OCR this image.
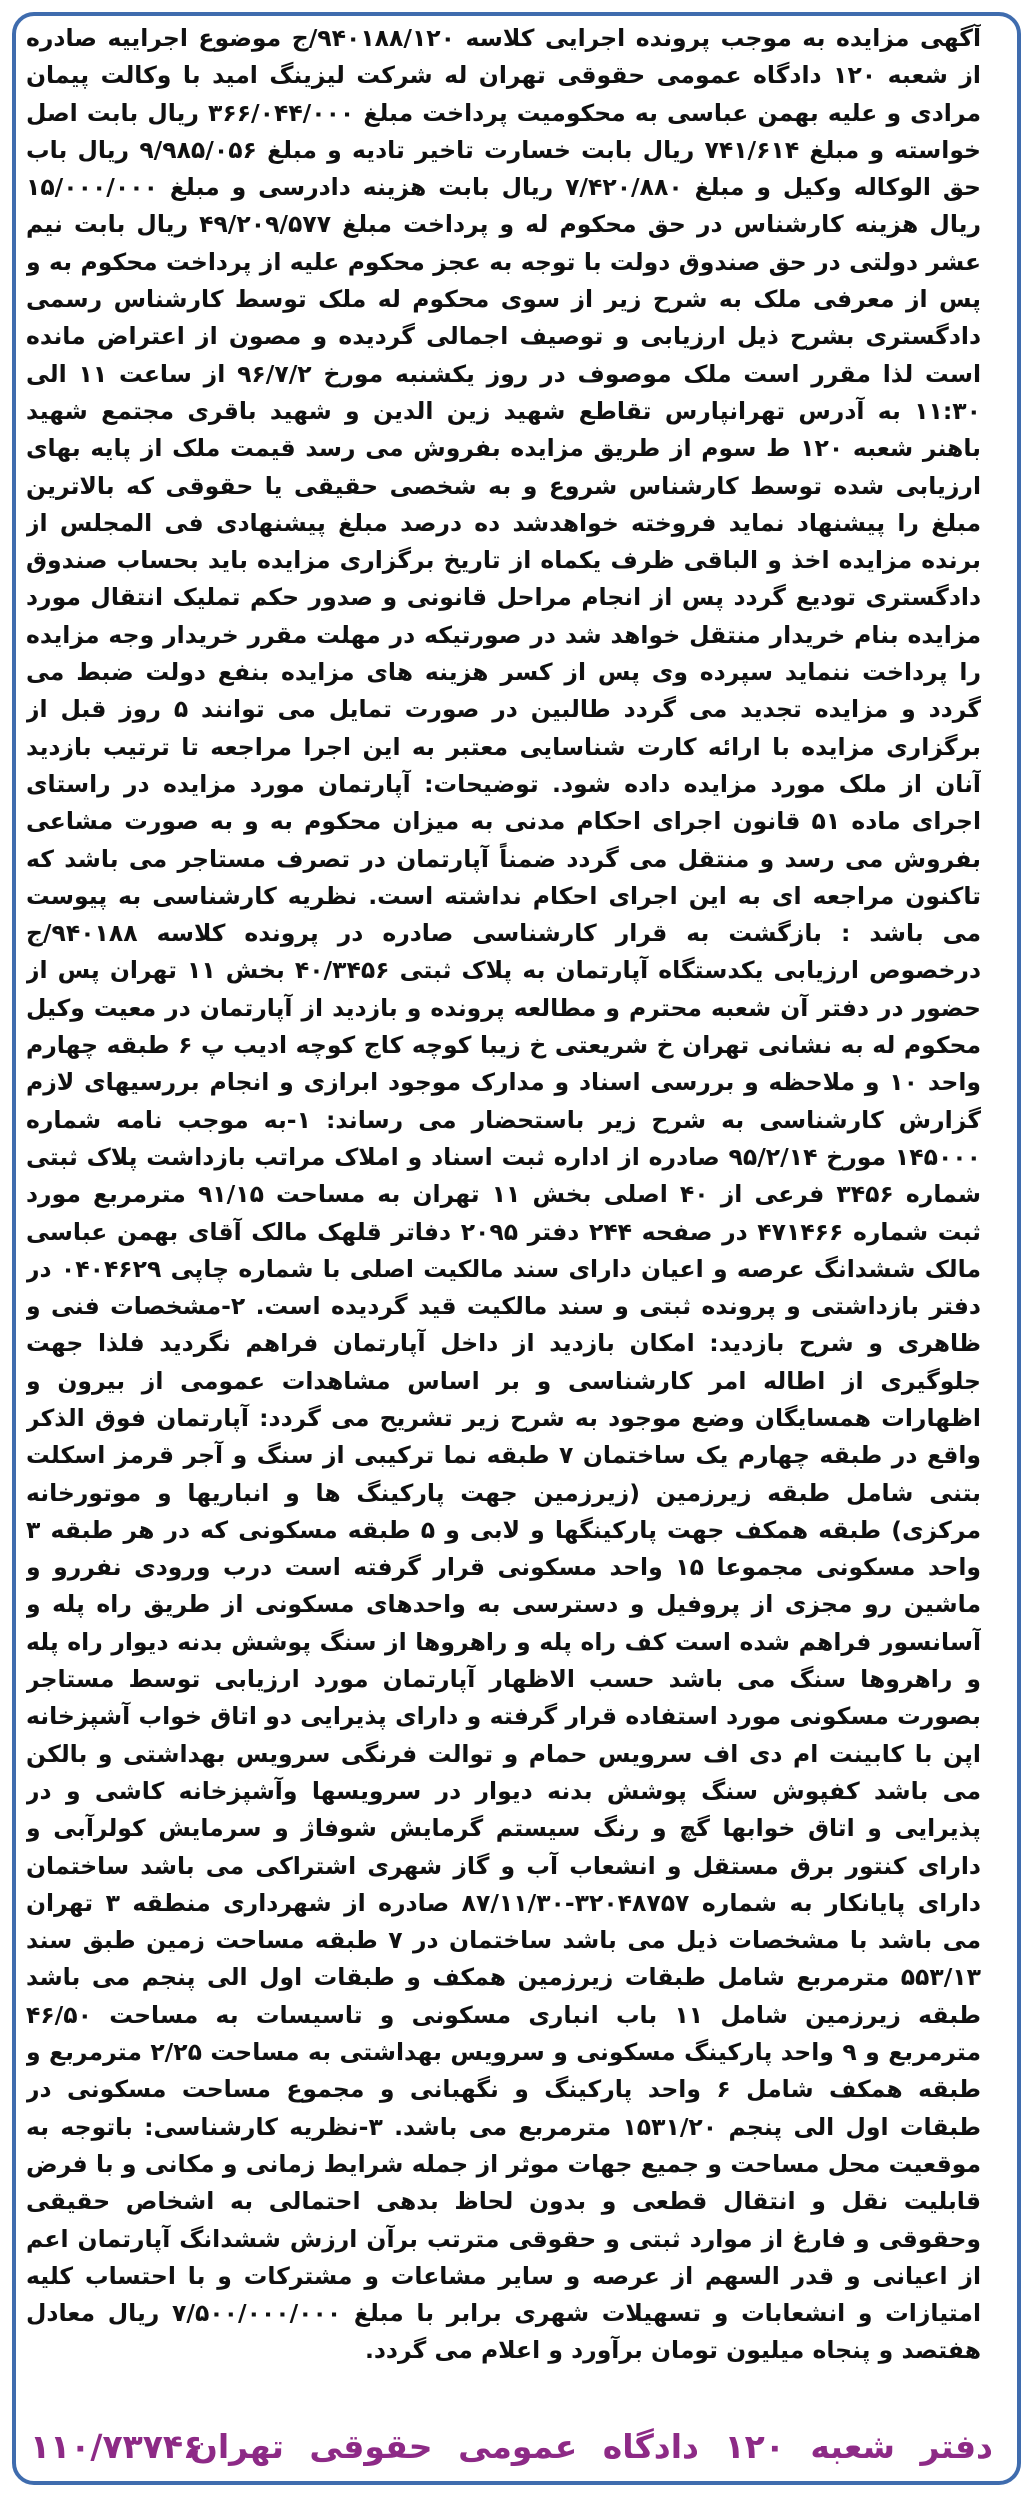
آگهی مزایده به موجب پرونده اجرایی کلاسه ۹۴۰۱۸۸/۱۲۰/ج موضوع اجراییه صادره از شعبه ۱۲۰ دادگاه عمومی حقوقی تهران له شرکت لیزینگ امید با وکالت پیمان مرادی و علیه بهمن عباسی به محکومیت پرداخت مبلغ ۳۶۶/۰۴۴/۰۰۰ ریال بابت اصل خواسته و مبلغ ۷۴۱/۶۱۴ ریال بابت خسارت تاخیر تادیه و مبلغ ۹/۹۸۵/۰۵۶ ریال باب حق الوکاله وکیل و مبلغ ۷/۴۲۰/۸۸۰ ریال بابت هزینه دادرسی و مبلغ ۱۵/۰۰۰/۰۰۰ ریال هزینه کارشناس در حق محکوم له و پرداخت مبلغ ۴۹/۲۰۹/۵۷۷ ریال بابت نیم عشر دولتی در حق صندوق دولت با توجه به عجز محکوم علیه از پرداخت محکوم به و پس از معرفی ملک به شرح زیر از سوی محکوم له ملک توسط کارشناس رسمی دادگستری بشرح ذیل ارزیابی و توصیف اجمالی گردیده و مصون از اعتراض مانده است لذا مقرر است ملک موصوف در روز یکشنبه مورخ ۹۶/۷/۲ از ساعت ۱۱ الی ۱۱:۳۰ به آدرس تهرانپارس تقاطع شهید زین الدین و شهید باقری مجتمع شهید باهنر شعبه ۱۲۰ ط سوم از طریق مزایده بفروش می رسد قیمت ملک از پایه بهای ارزیابی شده توسط کارشناس شروع و به شخصی حقیقی یا حقوقی که بالاترین مبلغ را پیشنهاد نماید فروخته خواهدشد ده درصد مبلغ پیشنهادی فی المجلس از برنده مزایده اخذ و الباقی ظرف یکماه از تاریخ برگزاری مزایده باید بحساب صندوق دادگستری تودیع گردد پس از انجام مراحل قانونی و صدور حکم تملیک انتقال مورد مزایده بنام خریدار منتقل خواهد شد در صورتیکه در مهلت مقرر خریدار وجه مزایده را پرداخت ننماید سپرده وی پس از کسر هزینه های مزایده بنفع دولت ضبط می گردد و مزایده تجدید می گردد طالبین در صورت تمایل می توانند ۵ روز قبل از برگزاری مزایده با ارائه کارت شناسایی معتبر به این اجرا مراجعه تا ترتیب بازدید آنان از ملک مورد مزایده داده شود. توضیحات: آپارتمان مورد مزایده در راستای اجرای ماده ۵۱ قانون اجرای احکام مدنی به میزان محکوم به و به صورت مشاعی بفروش می رسد و منتقل می گردد ضمناً آپارتمان در تصرف مستاجر می باشد که تاکنون مراجعه ای به این اجرای احکام نداشته است. نظریه کارشناسی به پیوست می باشد : بازگشت به قرار کارشناسی صادره در پرونده کلاسه ۹۴۰۱۸۸/ج درخصوص ارزیابی یکدستگاه آپارتمان به پلاک ثبتی ۴۰/۳۴۵۶ بخش ۱۱ تهران پس از حضور در دفتر آن شعبه محترم و مطالعه پرونده و بازدید از آپارتمان در معیت وکیل محکوم له به نشانی تهران خ شریعتی خ زیبا کوچه کاج کوچه ادیب پ ۶ طبقه چهارم واحد ۱۰ و ملاحظه و بررسی اسناد و مدارک موجود ابرازی و انجام بررسیهای لازم گزارش کارشناسی به شرح زیر باستحضار می رساند: ۱-به موجب نامه شماره ۱۴۵۰۰۰ مورخ ۹۵/۲/۱۴ صادره از اداره ثبت اسناد و املاک مراتب بازداشت پلاک ثبتی شماره ۳۴۵۶ فرعی از ۴۰ اصلی بخش ۱۱ تهران به مساحت ۹۱/۱۵ مترمربع مورد ثبت شماره ۴۷۱۴۶۶ در صفحه ۲۴۴ دفتر ۲۰۹۵ دفاتر قلهک مالک آقای بهمن عباسی مالک ششدانگ عرصه و اعیان دارای سند مالکیت اصلی با شماره چاپی ۰۴۰۴۶۲۹ در دفتر بازداشتی و پرونده ثبتی و سند مالکیت قید گردیده است. ۲-مشخصات فنی و ظاهری و شرح بازدید: امکان بازدید از داخل آپارتمان فراهم نگردید فلذا جهت جلوگیری از اطاله امر کارشناسی و بر اساس مشاهدات عمومی از بیرون و اظهارات همسایگان وضع موجود به شرح زیر تشریح می گردد: آپارتمان فوق الذکر واقع در طبقه چهارم یک ساختمان ۷ طبقه نما ترکیبی از سنگ و آجر قرمز اسکلت بتنی شامل طبقه زیرزمین (زیرزمین جهت پارکینگ ها و انباریها و موتورخانه مرکزی) طبقه همکف جهت پارکینگها و لابی و ۵ طبقه مسکونی که در هر طبقه ۳ واحد مسکونی مجموعا ۱۵ واحد مسکونی قرار گرفته است درب ورودی نفررو و ماشین رو مجزی از پروفیل و دسترسی به واحدهای مسکونی از طریق راه پله و آسانسور فراهم شده است کف راه پله و راهروها از سنگ پوشش بدنه دیوار راه پله و راهروها سنگ می باشد حسب الاظهار آپارتمان مورد ارزیابی توسط مستاجر بصورت مسکونی مورد استفاده قرار گرفته و دارای پذیرایی دو اتاق خواب آشپزخانه اپن با کابینت ام دی اف سرویس حمام و توالت فرنگی سرویس بهداشتی و بالکن می باشد کفپوش سنگ پوشش بدنه دیوار در سرویسها وآشپزخانه کاشی و در پذیرایی و اتاق خوابها گچ و رنگ سیستم گرمایش شوفاژ و سرمایش کولرآبی و دارای کنتور برق مستقل و انشعاب آب و گاز شهری اشتراکی می باشد ساختمان دارای پایانکار به شماره ۳۲۰۴۸۷۵۷-۸۷/۱۱/۳۰ صادره از شهرداری منطقه ۳ تهران می باشد با مشخصات ذیل می باشد ساختمان در ۷ طبقه مساحت زمین طبق سند ۵۵۳/۱۳ مترمربع شامل طبقات زیرزمین همکف و طبقات اول الی پنجم می باشد طبقه زیرزمین شامل ۱۱ باب انباری مسکونی و تاسیسات به مساحت ۴۶/۵۰ مترمربع و ۹ واحد پارکینگ مسکونی و سرویس بهداشتی به مساحت ۲/۲۵ مترمربع و طبقه همکف شامل ۶ واحد پارکینگ و نگهبانی و مجموع مساحت مسکونی در طبقات اول الی پنجم ۱۵۳۱/۲۰ مترمربع می باشد. ۳-نظریه کارشناسی: باتوجه به موقعیت محل مساحت و جمیع جهات موثر از جمله شرایط زمانی و مکانی و با فرض قابلیت نقل و انتقال قطعی و بدون لحاظ بدهی احتمالی به اشخاص حقیقی وحقوقی و فارغ از موارد ثبتی و حقوقی مترتب برآن ارزش ششدانگ آپارتمان اعم از اعیانی و قدر السهم از عرصه و سایر مشاعات و مشترکات و با احتساب کلیه امتیازات و انشعابات و تسهیلات شهری برابر با مبلغ ۷/۵۰۰/۰۰۰/۰۰۰ ریال معادل هفتصد و پنجاه میلیون تومان برآورد و اعلام می گردد.
دفتر شعبه ۱۲۰ دادگاه عمومی حقوقی تهران
۱۱۰/۷۳۷۴۶
